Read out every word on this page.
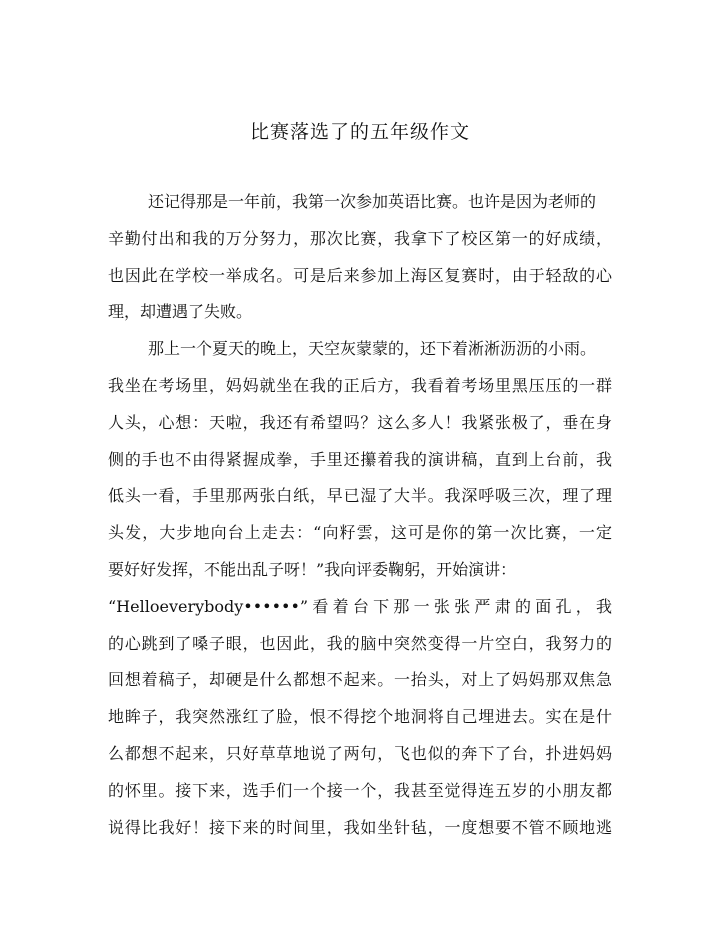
比赛落选了的五年级作文
还记得那是一年前，我第一次参加英语比赛。也许是因为老师的
辛勤付出和我的万分努力，那次比赛，我拿下了校区第一的好成绩，
也因此在学校一举成名。可是后来参加上海区复赛时，由于轻敌的心
理，却遭遇了失败。
那上一个夏天的晚上，天空灰蒙蒙的，还下着淅淅沥沥的小雨。
我坐在考场里，妈妈就坐在我的正后方，我看着考场里黑压压的一群
人头，心想：天啦，我还有希望吗？这么多人！我紧张极了，垂在身
侧的手也不由得紧握成拳，手里还攥着我的演讲稿，直到上台前，我
低头一看，手里那两张白纸，早已湿了大半。我深呼吸三次，理了理
头发，大步地向台上走去：“向籽雲，这可是你的第一次比赛，一定
要好好发挥，不能出乱子呀！”我向评委鞠躬，开始演讲：
“Helloeverybody••••••”看着台下那一张张严肃的面孔，我
的心跳到了嗓子眼，也因此，我的脑中突然变得一片空白，我努力的
回想着稿子，却硬是什么都想不起来。一抬头，对上了妈妈那双焦急
地眸子，我突然涨红了脸，恨不得挖个地洞将自己埋进去。实在是什
么都想不起来，只好草草地说了两句，飞也似的奔下了台，扑进妈妈
的怀里。接下来，选手们一个接一个，我甚至觉得连五岁的小朋友都
说得比我好！接下来的时间里，我如坐针毡，一度想要不管不顾地逃
